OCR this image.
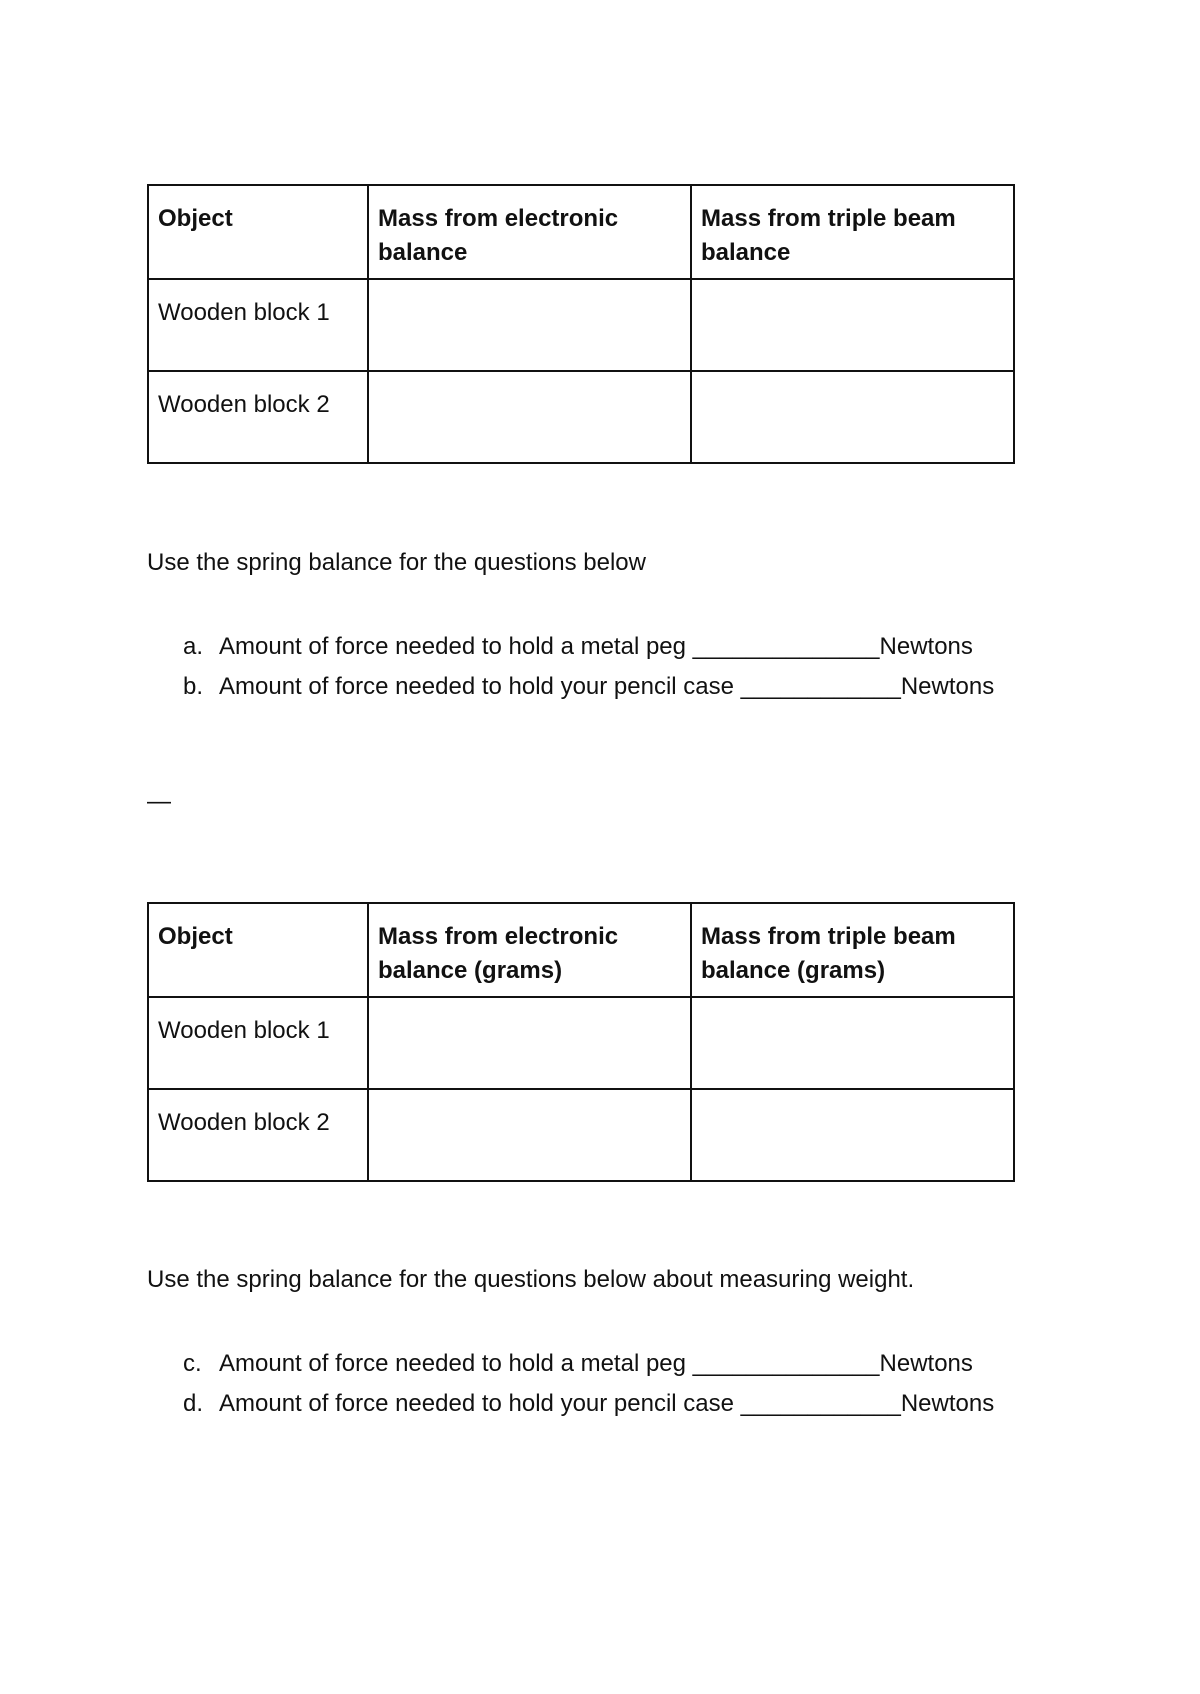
Object	Mass from electronic balance	Mass from triple beam balance
Wooden block 1		
Wooden block 2		
Use the spring balance for the questions below
a. Amount of force needed to hold a metal peg
______________ Newtons
b. Amount of force needed to hold your pencil case
____________ Newtons
—
Object	Mass from electronic balance (grams)	Mass from triple beam balance (grams)
Wooden block 1		
Wooden block 2		
Use the spring balance for the questions below about measuring weight.
c. Amount of force needed to hold a metal peg
______________ Newtons
d. Amount of force needed to hold your pencil case
____________ Newtons
